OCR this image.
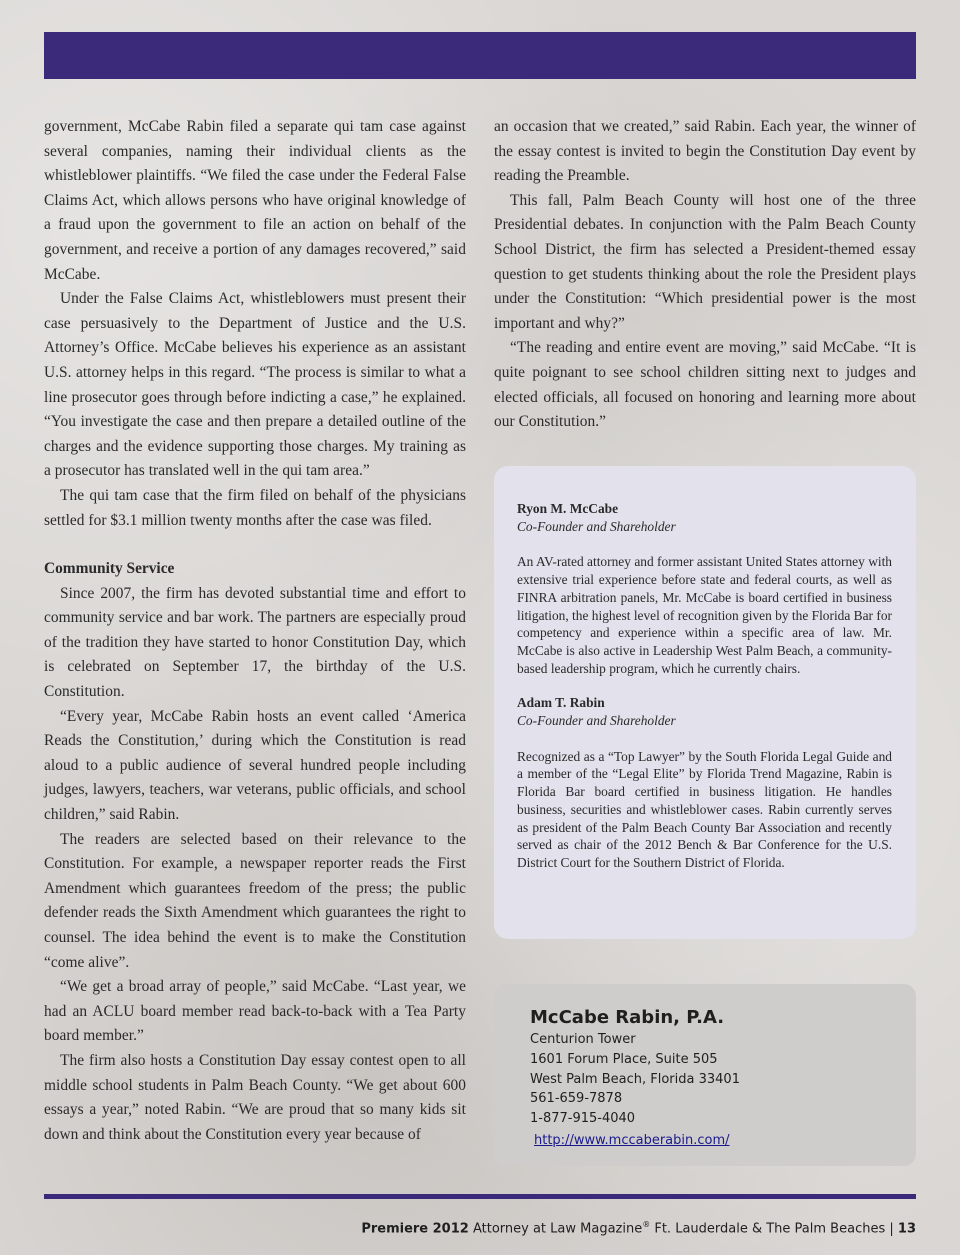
government, McCabe Rabin filed a separate qui tam case against several companies, naming their individual clients as the whistleblower plaintiffs. “We filed the case under the Federal False Claims Act, which allows persons who have original knowledge of a fraud upon the government to file an action on behalf of the government, and receive a portion of any damages recovered,” said McCabe.

Under the False Claims Act, whistleblowers must present their case persuasively to the Department of Justice and the U.S. Attorney’s Office. McCabe believes his experience as an assistant U.S. attorney helps in this regard. “The process is similar to what a line prosecutor goes through before indicting a case,” he explained. “You investigate the case and then prepare a detailed outline of the charges and the evidence supporting those charges. My training as a prosecutor has translated well in the qui tam area.”

The qui tam case that the firm filed on behalf of the physicians settled for $3.1 million twenty months after the case was filed.

Community Service

Since 2007, the firm has devoted substantial time and effort to community service and bar work. The partners are especially proud of the tradition they have started to honor Constitution Day, which is celebrated on September 17, the birthday of the U.S. Constitution.

“Every year, McCabe Rabin hosts an event called ‘America Reads the Constitution,’ during which the Constitution is read aloud to a public audience of several hundred people including judges, lawyers, teachers, war veterans, public officials, and school children,” said Rabin.

The readers are selected based on their relevance to the Constitution. For example, a newspaper reporter reads the First Amendment which guarantees freedom of the press; the public defender reads the Sixth Amendment which guarantees the right to counsel. The idea behind the event is to make the Constitution “come alive”.

“We get a broad array of people,” said McCabe. “Last year, we had an ACLU board member read back-to-back with a Tea Party board member.”

The firm also hosts a Constitution Day essay contest open to all middle school students in Palm Beach County. “We get about 600 essays a year,” noted Rabin. “We are proud that so many kids sit down and think about the Constitution every year because of

an occasion that we created,” said Rabin. Each year, the winner of the essay contest is invited to begin the Constitution Day event by reading the Preamble.

This fall, Palm Beach County will host one of the three Presidential debates. In conjunction with the Palm Beach County School District, the firm has selected a President-themed essay question to get students thinking about the role the President plays under the Constitution: “Which presidential power is the most important and why?”

“The reading and entire event are moving,” said McCabe. “It is quite poignant to see school children sitting next to judges and elected officials, all focused on honoring and learning more about our Constitution.”

Ryon M. McCabe
Co-Founder and Shareholder
An AV-rated attorney and former assistant United States attorney with extensive trial experience before state and federal courts, as well as FINRA arbitration panels, Mr. McCabe is board certified in business litigation, the highest level of recognition given by the Florida Bar for competency and experience within a specific area of law. Mr. McCabe is also active in Leadership West Palm Beach, a community-based leadership program, which he currently chairs.
Adam T. Rabin
Co-Founder and Shareholder
Recognized as a “Top Lawyer” by the South Florida Legal Guide and a member of the “Legal Elite” by Florida Trend Magazine, Rabin is Florida Bar board certified in business litigation. He handles business, securities and whistleblower cases. Rabin currently serves as president of the Palm Beach County Bar Association and recently served as chair of the 2012 Bench & Bar Conference for the U.S. District Court for the Southern District of Florida.
McCabe Rabin, P.A.
Centurion Tower
1601 Forum Place, Suite 505
West Palm Beach, Florida 33401
561-659-7878
1-877-915-4040
http://www.mccaberabin.com/
Premiere 2012 Attorney at Law Magazine® Ft. Lauderdale & The Palm Beaches | 13
